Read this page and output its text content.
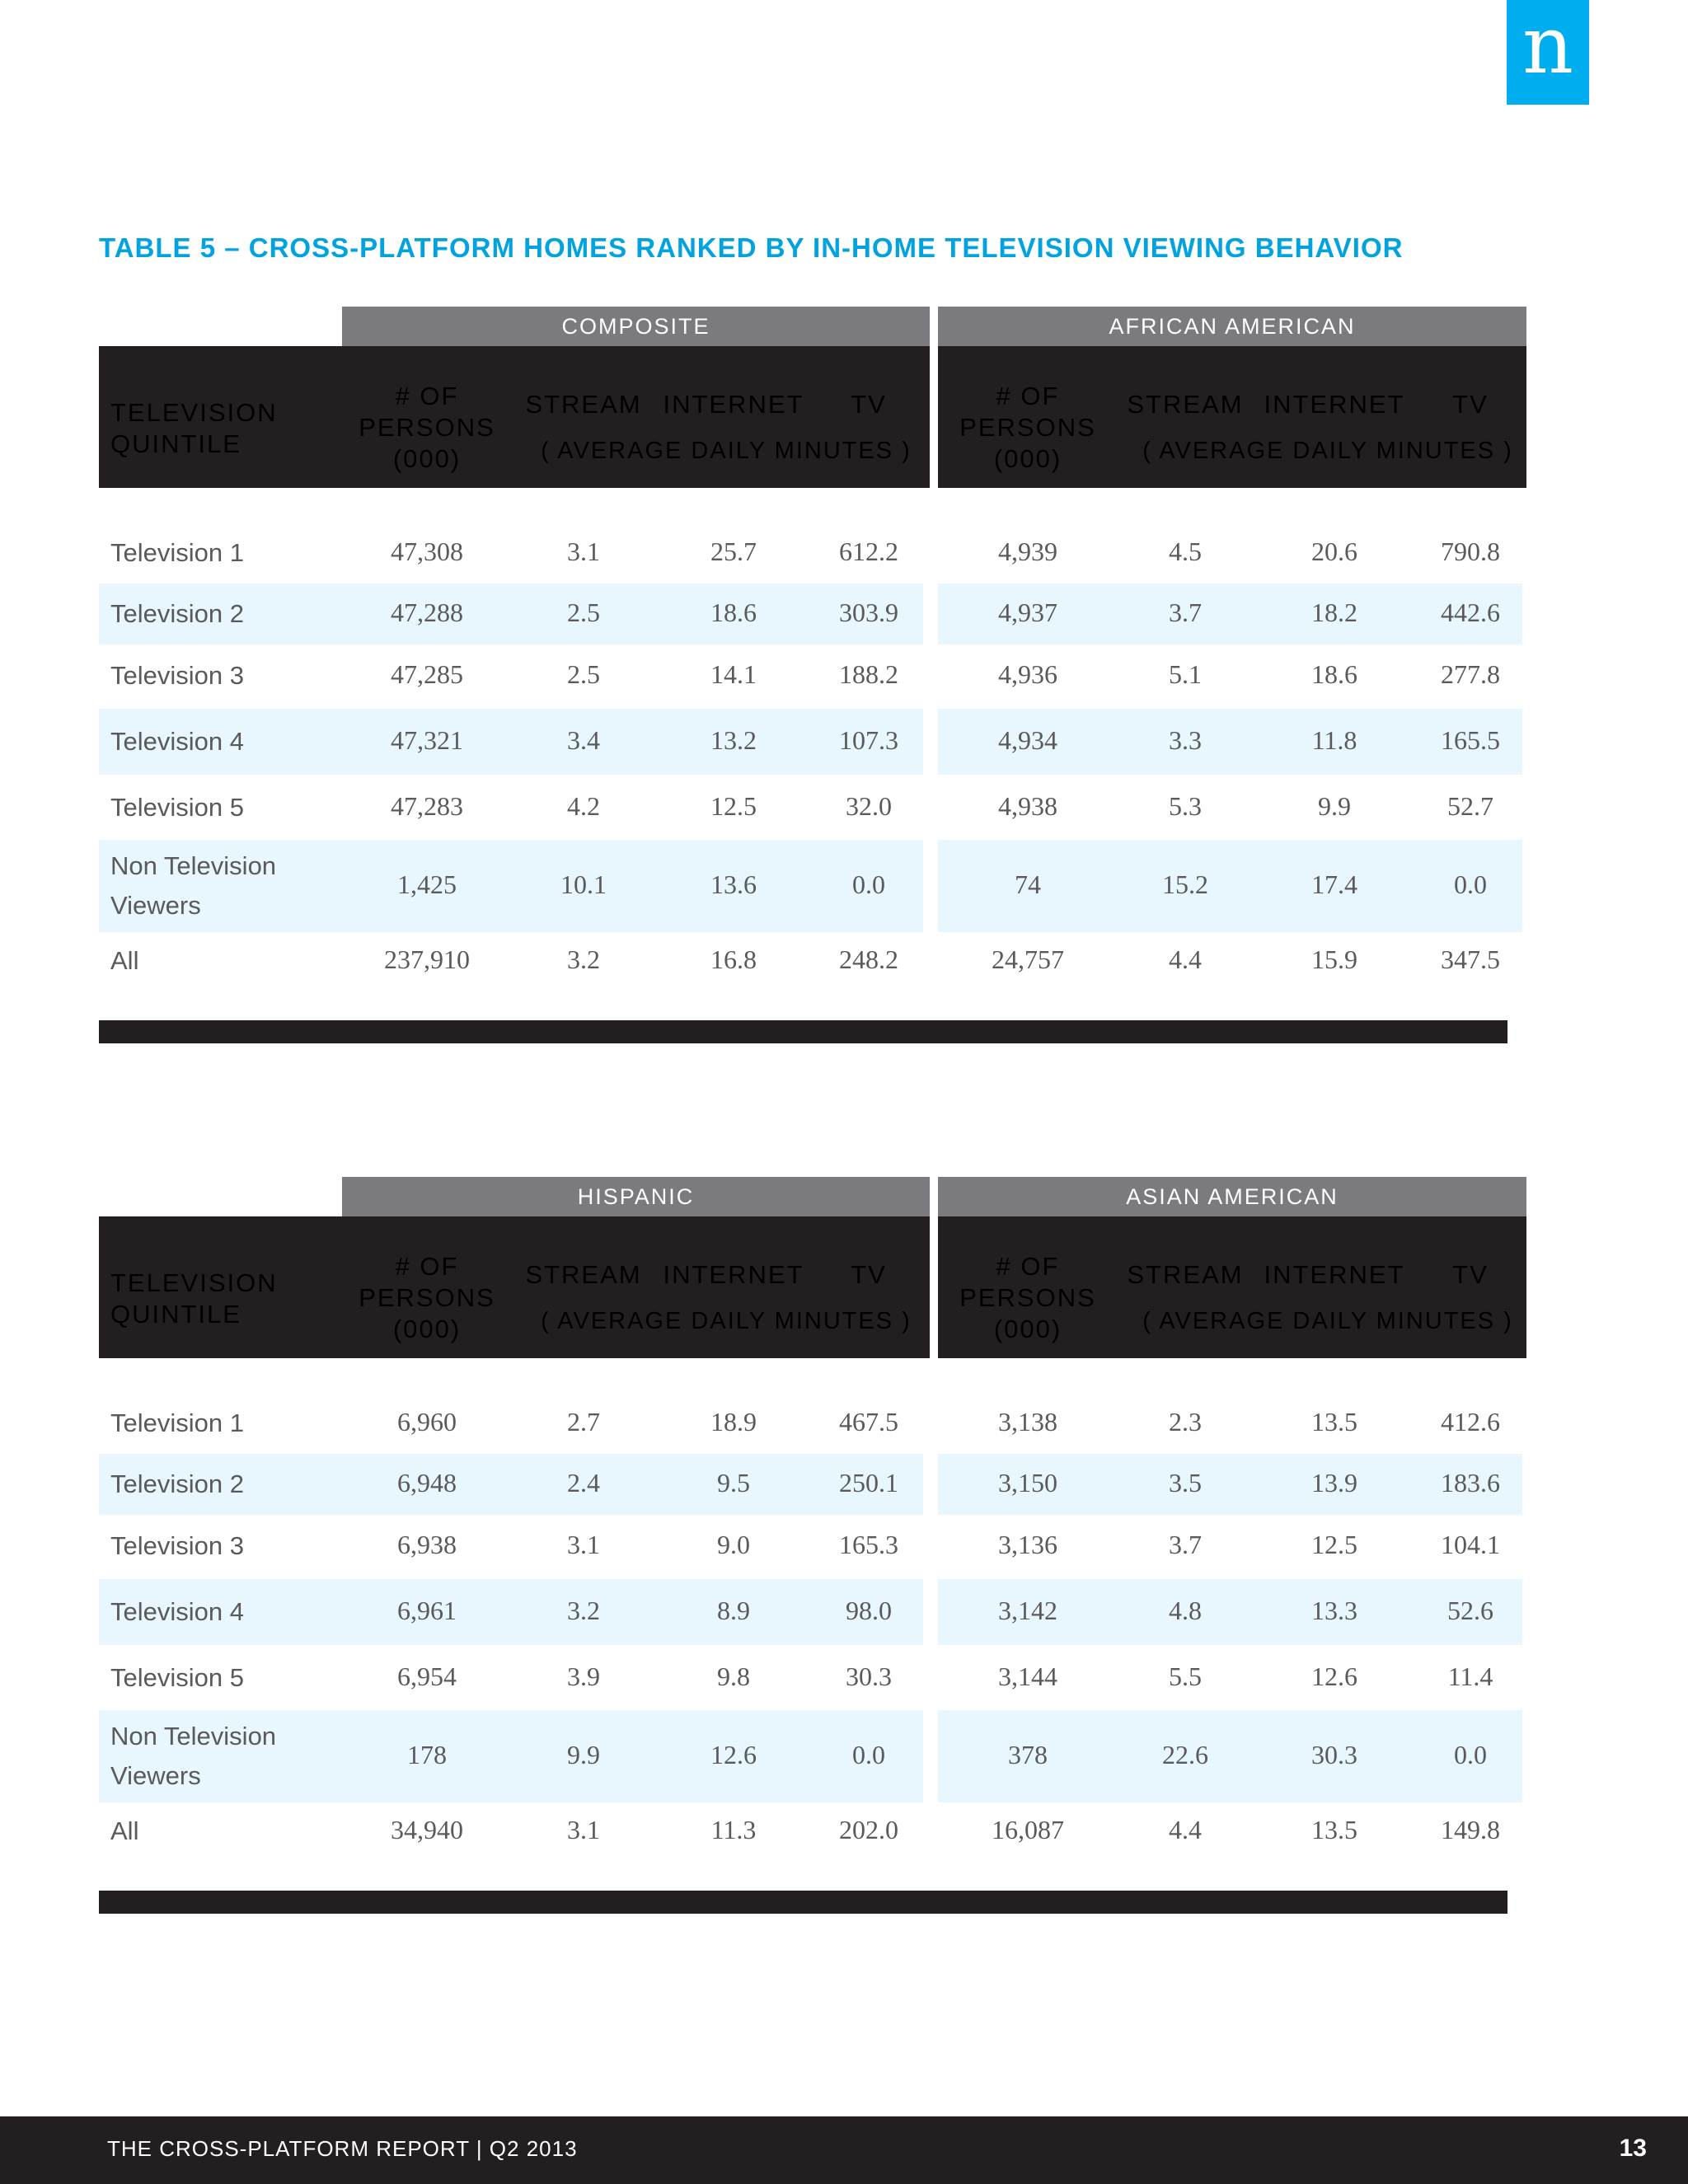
n
TABLE 5 – CROSS-PLATFORM HOMES RANKED BY IN-HOME TELEVISION VIEWING BEHAVIOR
COMPOSITE	AFRICAN AMERICAN
TELEVISION
QUINTILE
# OF
PERSONS
(000)
STREAM INTERNET	TV
( AVERAGE DAILY MINUTES )
# OF
PERSONS
(000)
STREAM INTERNET	TV
( AVERAGE DAILY MINUTES )
Television 1	47,308	3.1	25.7	612.2	4,939	4.5	20.6	790.8
Television 2	47,288	2.5	18.6	303.9	4,937	3.7	18.2	442.6
Television 3	47,285	2.5	14.1	188.2	4,936	5.1	18.6	277.8
Television 4	47,321	3.4	13.2	107.3	4,934	3.3	11.8	165.5
Television 5	47,283	4.2	12.5	32.0	4,938	5.3	9.9	52.7
Non Television
Viewers
1,425	10.1	13.6	0.0	74	15.2	17.4	0.0
All	237,910	3.2	16.8	248.2	24,757	4.4	15.9	347.5
HISPANIC	ASIAN AMERICAN
TELEVISION
QUINTILE
# OF
PERSONS
(000)
STREAM INTERNET	TV
( AVERAGE DAILY MINUTES )
# OF
PERSONS
(000)
STREAM INTERNET	TV
( AVERAGE DAILY MINUTES )
Television 1	6,960	2.7	18.9	467.5	3,138	2.3	13.5	412.6
Television 2	6,948	2.4	9.5	250.1	3,150	3.5	13.9	183.6
Television 3	6,938	3.1	9.0	165.3	3,136	3.7	12.5	104.1
Television 4	6,961	3.2	8.9	98.0	3,142	4.8	13.3	52.6
Television 5	6,954	3.9	9.8	30.3	3,144	5.5	12.6	11.4
Non Television
Viewers
178	9.9	12.6	0.0	378	22.6	30.3	0.0
All	34,940	3.1	11.3	202.0	16,087	4.4	13.5	149.8
THE CROSS-PLATFORM REPORT | Q2 2013	13
